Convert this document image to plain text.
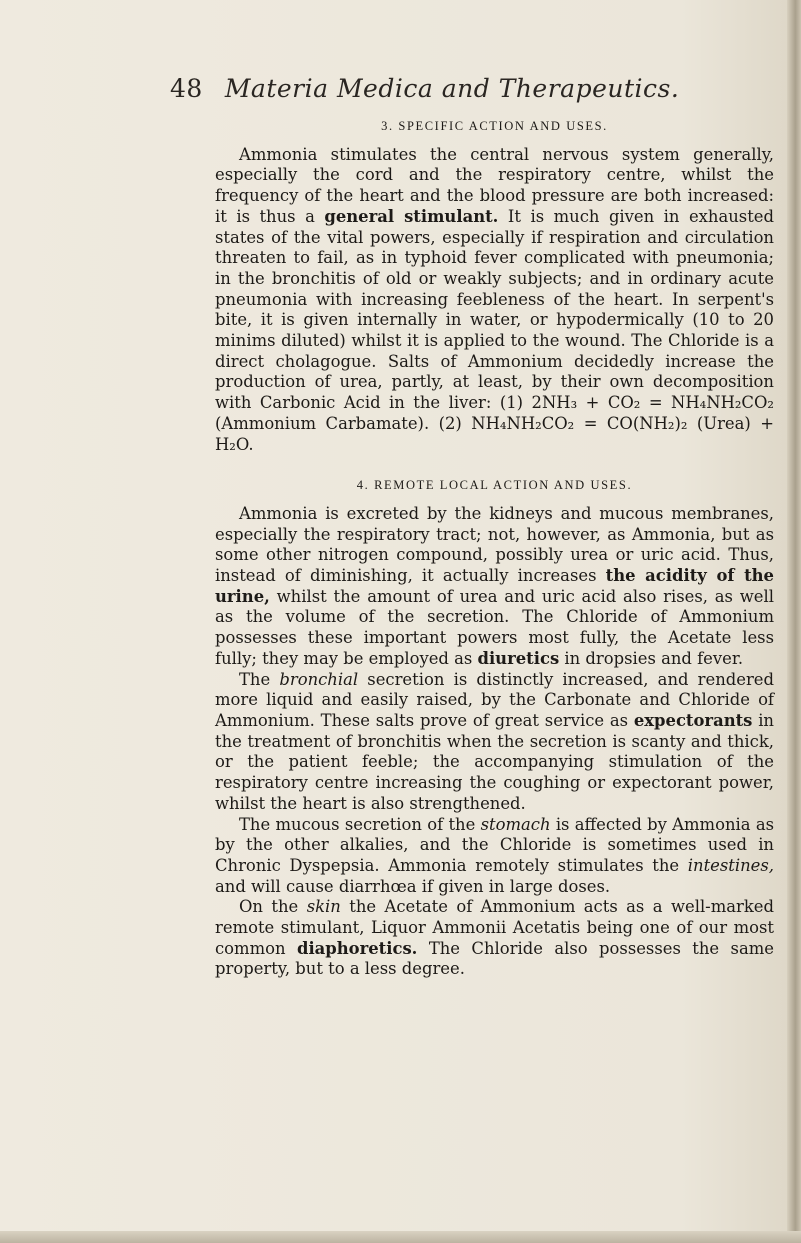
48 Materia Medica and Therapeutics.
3. SPECIFIC ACTION AND USES.

Ammonia stimulates the central nervous system generally, especially the cord and the respiratory centre, whilst the frequency of the heart and the blood pressure are both increased: it is thus a general stimulant. It is much given in exhausted states of the vital powers, especially if respiration and circulation threaten to fail, as in typhoid fever complicated with pneumonia; in the bronchitis of old or weakly subjects; and in ordinary acute pneumonia with increasing feebleness of the heart. In serpent's bite, it is given internally in water, or hypodermically (10 to 20 minims diluted) whilst it is applied to the wound. The Chloride is a direct cholagogue. Salts of Ammonium decidedly increase the production of urea, partly, at least, by their own decomposition with Carbonic Acid in the liver: (1) 2NH₃ + CO₂ = NH₄NH₂CO₂ (Ammonium Carbamate). (2) NH₄NH₂CO₂ = CO(NH₂)₂ (Urea) + H₂O.

4. REMOTE LOCAL ACTION AND USES.

Ammonia is excreted by the kidneys and mucous membranes, especially the respiratory tract; not, however, as Ammonia, but as some other nitrogen compound, possibly urea or uric acid. Thus, instead of diminishing, it actually increases the acidity of the urine, whilst the amount of urea and uric acid also rises, as well as the volume of the secretion. The Chloride of Ammonium possesses these important powers most fully, the Acetate less fully; they may be employed as diuretics in dropsies and fever.

The bronchial secretion is distinctly increased, and rendered more liquid and easily raised, by the Carbonate and Chloride of Ammonium. These salts prove of great service as expectorants in the treatment of bronchitis when the secretion is scanty and thick, or the patient feeble; the accompanying stimulation of the respiratory centre increasing the coughing or expectorant power, whilst the heart is also strengthened.

The mucous secretion of the stomach is affected by Ammonia as by the other alkalies, and the Chloride is sometimes used in Chronic Dyspepsia. Ammonia remotely stimulates the intestines, and will cause diarrhœa if given in large doses.

On the skin the Acetate of Ammonium acts as a well-marked remote stimulant, Liquor Ammonii Acetatis being one of our most common diaphoretics. The Chloride also possesses the same property, but to a less degree.
